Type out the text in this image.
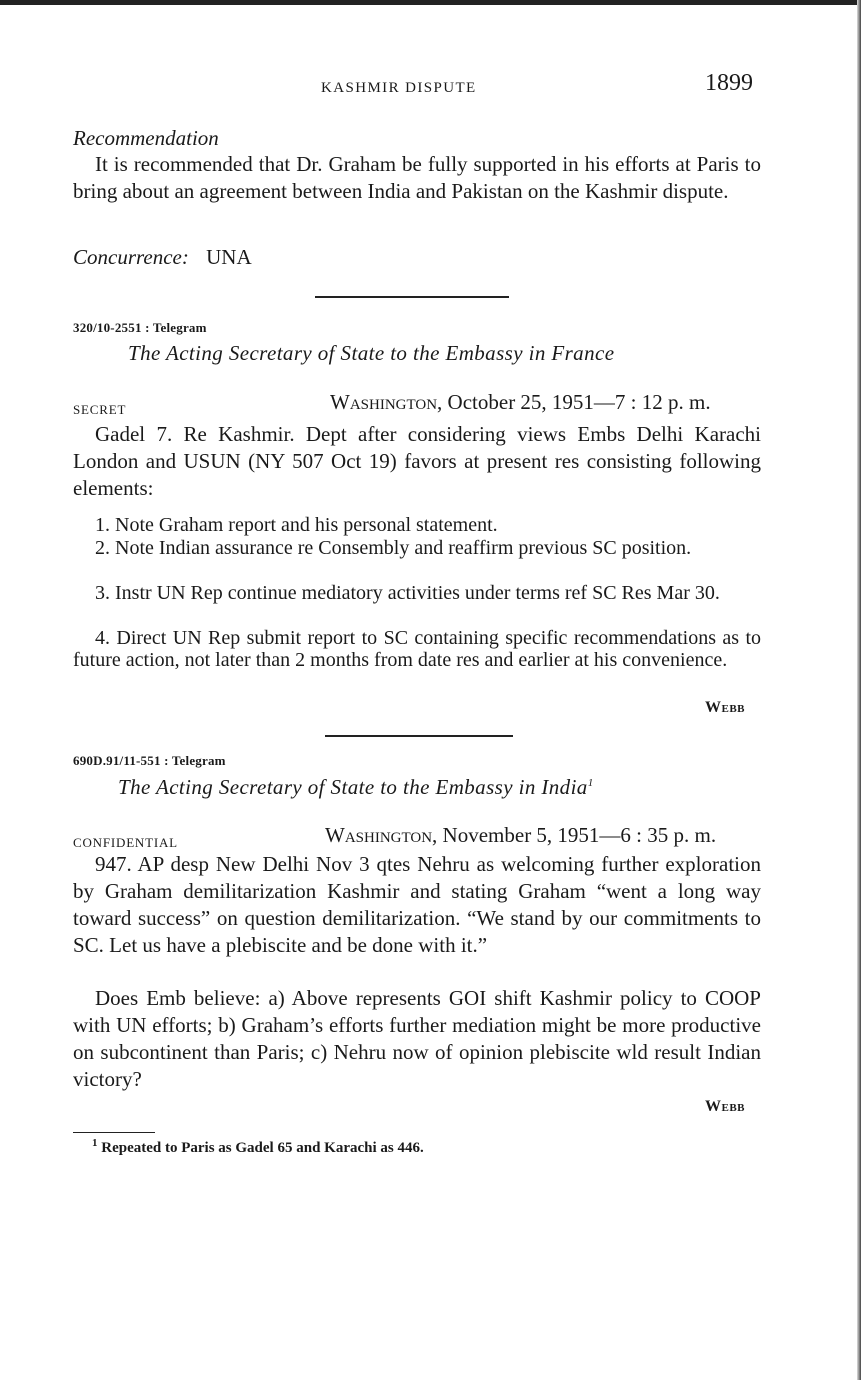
KASHMIR DISPUTE	1899
Recommendation
It is recommended that Dr. Graham be fully supported in his efforts at Paris to bring about an agreement between India and Pakistan on the Kashmir dispute.
Concurrence: UNA
320/10-2551 : Telegram
The Acting Secretary of State to the Embassy in France
SECRET	Washington, October 25, 1951—7 : 12 p. m.
Gadel 7. Re Kashmir. Dept after considering views Embs Delhi Karachi London and USUN (NY 507 Oct 19) favors at present res consisting following elements:
1. Note Graham report and his personal statement.
2. Note Indian assurance re Consembly and reaffirm previous SC position.
3. Instr UN Rep continue mediatory activities under terms ref SC Res Mar 30.
4. Direct UN Rep submit report to SC containing specific recommendations as to future action, not later than 2 months from date res and earlier at his convenience.
Webb
690D.91/11-551 : Telegram
The Acting Secretary of State to the Embassy in India$^1$
CONFIDENTIAL	Washington, November 5, 1951—6 : 35 p. m.
947. AP desp New Delhi Nov 3 qtes Nehru as welcoming further exploration by Graham demilitarization Kashmir and stating Graham “went a long way toward success” on question demilitarization. “We stand by our commitments to SC. Let us have a plebiscite and be done with it.”
Does Emb believe: a) Above represents GOI shift Kashmir policy to COOP with UN efforts; b) Graham’s efforts further mediation might be more productive on subcontinent than Paris; c) Nehru now of opinion plebiscite wld result Indian victory?
Webb
$^1$ Repeated to Paris as Gadel 65 and Karachi as 446.
